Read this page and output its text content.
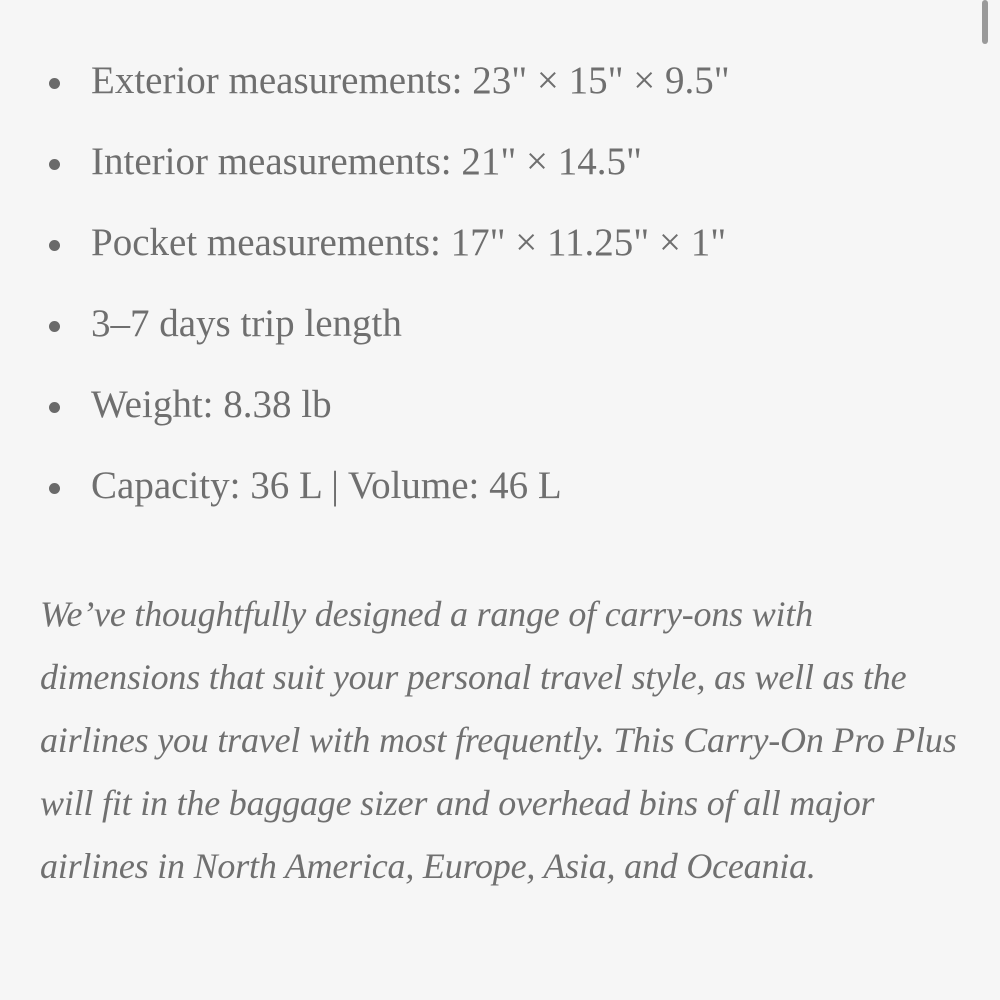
Exterior measurements: 23" × 15" × 9.5"
Interior measurements: 21" × 14.5"
Pocket measurements: 17" × 11.25" × 1"
3–7 days trip length
Weight: 8.38 lb
Capacity: 36 L | Volume: 46 L

We’ve thoughtfully designed a range of carry-ons with dimensions that suit your personal travel style, as well as the airlines you travel with most frequently. This Carry-On Pro Plus will fit in the baggage sizer and overhead bins of all major airlines in North America, Europe, Asia, and Oceania.
